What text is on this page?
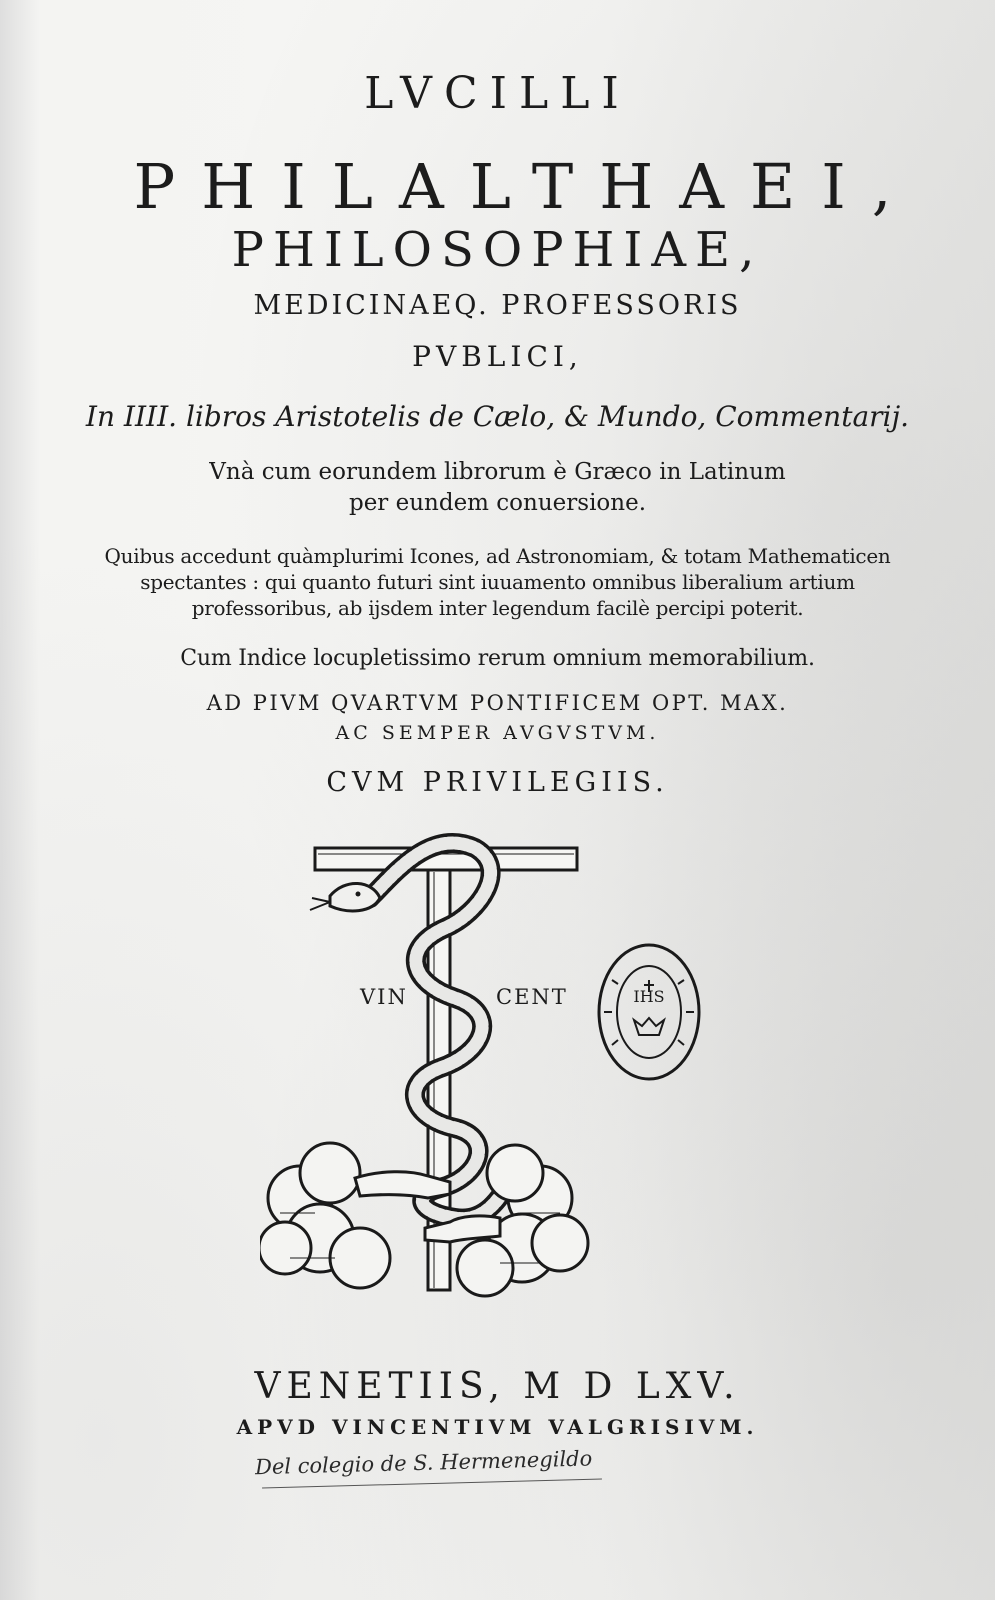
LVCILLI
PHILALTHAEI,
PHILOSOPHIAE,
MEDICINAEQ. PROFESSORIS
PVBLICI,
In IIII. libros Aristotelis de Cælo, & Mundo, Commentarij.
Vnà cum eorundem librorum è Græco in Latinum
per eundem conuersione.
Quibus accedunt quàmplurimi Icones, ad Astronomiam, & totam Mathematicen
spectantes : qui quanto futuri sint iuuamento omnibus liberalium artium
professoribus, ab ijsdem inter legendum facilè percipi poterit.
Cum Indice locupletissimo rerum omnium memorabilium.
AD PIVM QVARTVM PONTIFICEM OPT. MAX.
AC SEMPER AVGVSTVM.
CVM PRIVILEGIIS.
VIN	CENT	IHS
VENETIIS, M D LXV.
APVD VINCENTIVM VALGRISIVM.
Del colegio de S. Hermenegildo
